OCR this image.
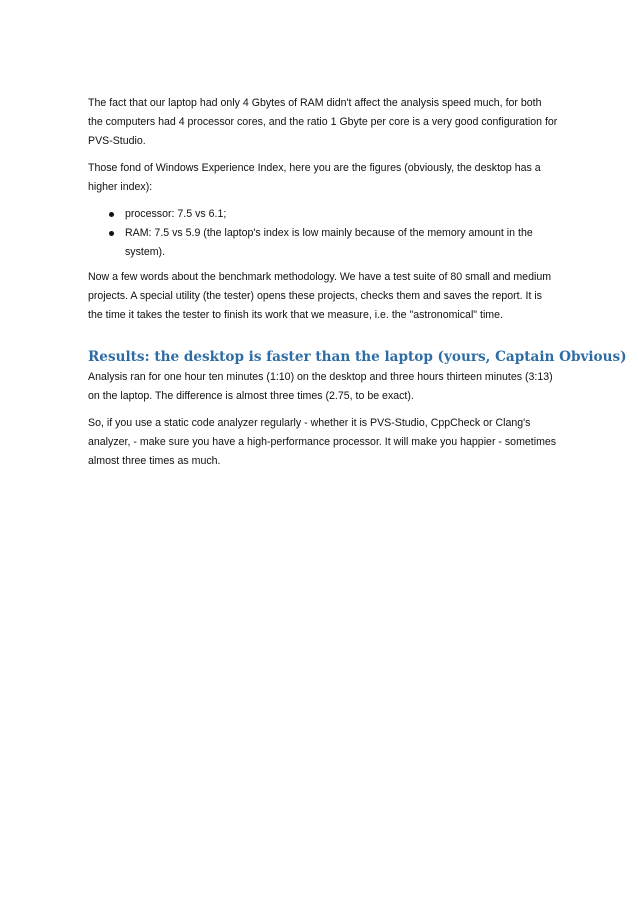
The fact that our laptop had only 4 Gbytes of RAM didn't affect the analysis speed much, for both the computers had 4 processor cores, and the ratio 1 Gbyte per core is a very good configuration for PVS-Studio.

Those fond of Windows Experience Index, here you are the figures (obviously, the desktop has a higher index):

processor: 7.5 vs 6.1;
RAM: 7.5 vs 5.9 (the laptop's index is low mainly because of the memory amount in the system).

Now a few words about the benchmark methodology. We have a test suite of 80 small and medium projects. A special utility (the tester) opens these projects, checks them and saves the report. It is the time it takes the tester to finish its work that we measure, i.e. the "astronomical" time.

Results: the desktop is faster than the laptop (yours, Captain Obvious)

Analysis ran for one hour ten minutes (1:10) on the desktop and three hours thirteen minutes (3:13) on the laptop. The difference is almost three times (2.75, to be exact).

So, if you use a static code analyzer regularly - whether it is PVS-Studio, CppCheck or Clang's analyzer, - make sure you have a high-performance processor. It will make you happier - sometimes almost three times as much.
